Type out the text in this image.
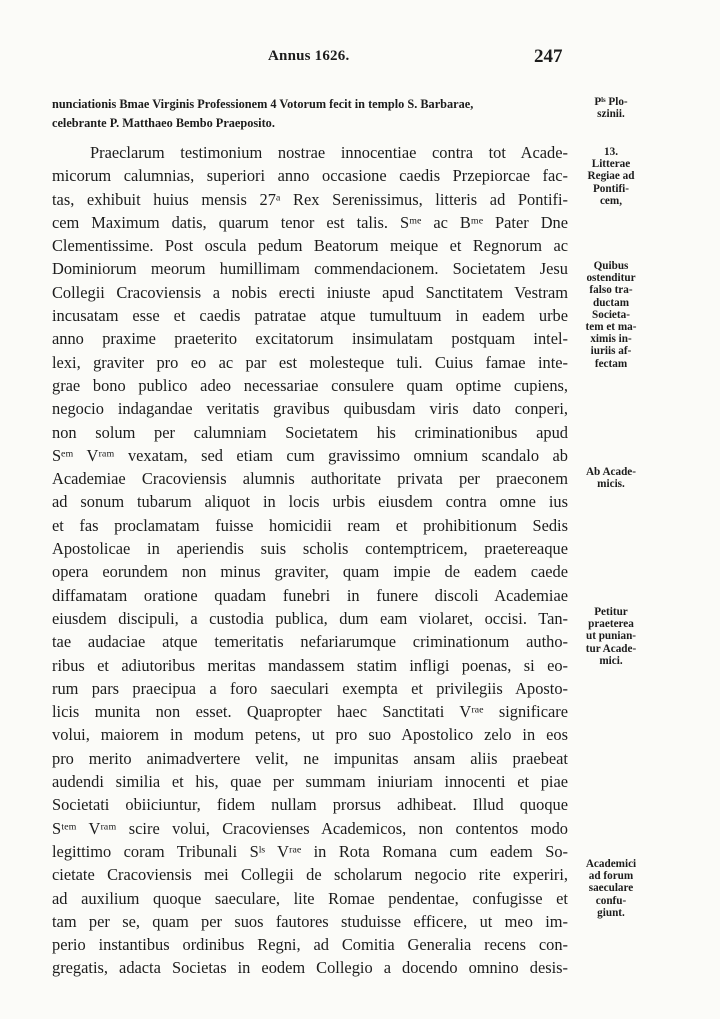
Annus 1626.	247
nunciationis Bmae Virginis Professionem 4 Votorum fecit in templo S. Barbarae,
celebrante P. Matthaeo Bembo Praeposito.
Praeclarum testimonium nostrae innocentiae contra tot Acade-
micorum calumnias, superiori anno occasione caedis Przepiorcae fac-
tas, exhibuit huius mensis 27ᵃ Rex Serenissimus, litteris ad Pontifi-
cem Maximum datis, quarum tenor est talis. Sᵐᵉ ac Bᵐᵉ Pater Dne
Clementissime. Post oscula pedum Beatorum meique et Regnorum ac
Dominiorum meorum humillimam commendacionem. Societatem Jesu
Collegii Cracoviensis a nobis erecti iniuste apud Sanctitatem Vestram
incusatam esse et caedis patratae atque tumultuum in eadem urbe
anno praxime praeterito excitatorum insimulatam postquam intel-
lexi, graviter pro eo ac par est molesteque tuli. Cuius famae inte-
grae bono publico adeo necessariae consulere quam optime cupiens,
negocio indagandae veritatis gravibus quibusdam viris dato conperi,
non solum per calumniam Societatem his criminationibus apud
Sᵉᵐ Vʳᵃᵐ vexatam, sed etiam cum gravissimo omnium scandalo ab
Academiae Cracoviensis alumnis authoritate privata per praeconem
ad sonum tubarum aliquot in locis urbis eiusdem contra omne ius
et fas proclamatam fuisse homicidii ream et prohibitionum Sedis
Apostolicae in aperiendis suis scholis contemptricem, praetereaque
opera eorundem non minus graviter, quam impie de eadem caede
diffamatam oratione quadam funebri in funere discoli Academiae
eiusdem discipuli, a custodia publica, dum eam violaret, occisi. Tan-
tae audaciae atque temeritatis nefariarumque criminationum autho-
ribus et adiutoribus meritas mandassem statim infligi poenas, si eo-
rum pars praecipua a foro saeculari exempta et privilegiis Aposto-
licis munita non esset. Quapropter haec Sanctitati Vʳᵃᵉ significare
volui, maiorem in modum petens, ut pro suo Apostolico zelo in eos
pro merito animadvertere velit, ne impunitas ansam aliis praebeat
audendi similia et his, quae per summam iniuriam innocenti et piae
Societati obiiciuntur, fidem nullam prorsus adhibeat. Illud quoque
Sᵗᵉᵐ Vʳᵃᵐ scire volui, Cracovienses Academicos, non contentos modo
legittimo coram Tribunali Sˡˢ Vʳᵃᵉ in Rota Romana cum eadem So-
cietate Cracoviensis mei Collegii de scholarum negocio rite experiri,
ad auxilium quoque saeculare, lite Romae pendentae, confugisse et
tam per se, quam per suos fautores studuisse efficere, ut meo im-
perio instantibus ordinibus Regni, ad Comitia Generalia recens con-
gregatis, adacta Societas in eodem Collegio a docendo omnino desis-
Pˡˢ Plo-
szinii.
13.
Litterae
Regiae ad
Pontifi-
cem,
Quibus
ostenditur
falso tra-
ductam
Societa-
tem et ma-
ximis in-
iuriis af-
fectam
Ab Acade-
micis.
Petitur
praeterea
ut punian-
tur Acade-
mici.
Academici
ad forum
saeculare
confu-
giunt.
